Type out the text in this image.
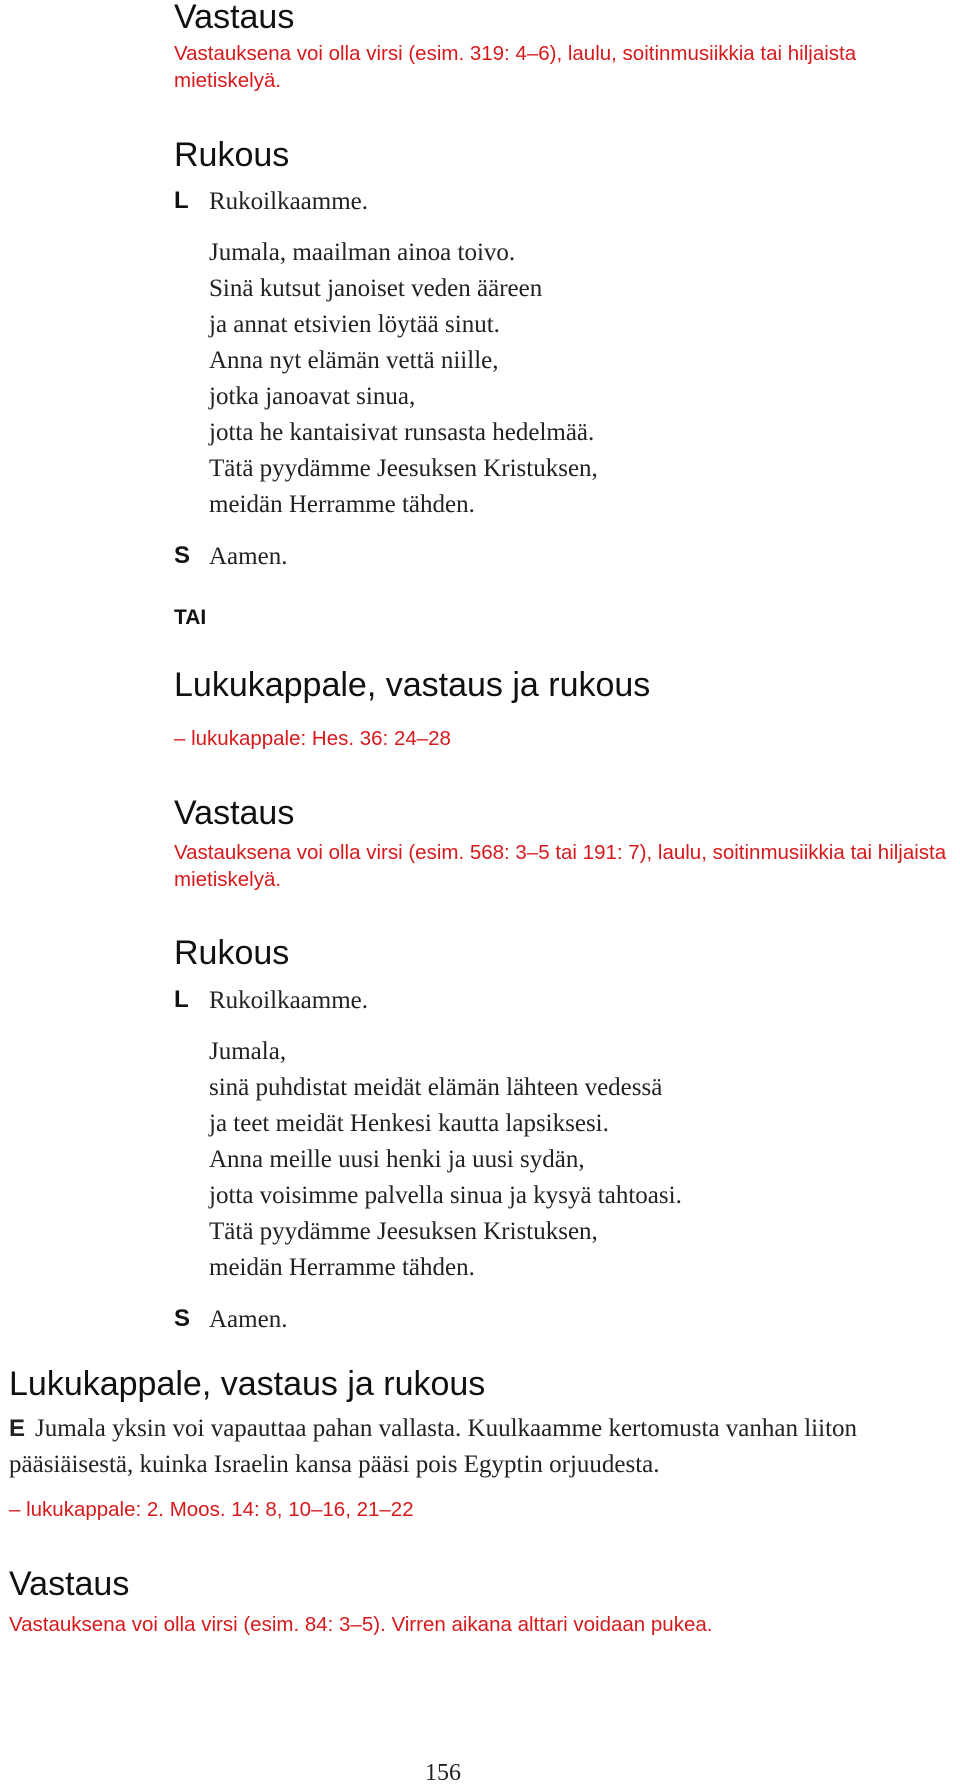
Vastaus

Vastauksena voi olla virsi (esim. 319: 4–6), laulu, soitinmusiikkia tai hiljaista mietiskelyä.

Rukous
L Rukoilkaamme.
Jumala, maailman ainoa toivo.
Sinä kutsut janoiset veden ääreen
ja annat etsivien löytää sinut.
Anna nyt elämän vettä niille,
jotka janoavat sinua,
jotta he kantaisivat runsasta hedelmää.
Tätä pyydämme Jeesuksen Kristuksen,
meidän Herramme tähden.
S Aamen.
TAI
Lukukappale, vastaus ja rukous

– lukukappale: Hes. 36: 24–28

Vastaus

Vastauksena voi olla virsi (esim. 568: 3–5 tai 191: 7), laulu, soitinmusiikkia tai hiljaista mietiskelyä.

Rukous
L Rukoilkaamme.
Jumala,
sinä puhdistat meidät elämän lähteen vedessä
ja teet meidät Henkesi kautta lapsiksesi.
Anna meille uusi henki ja uusi sydän,
jotta voisimme palvella sinua ja kysyä tahtoasi.
Tätä pyydämme Jeesuksen Kristuksen,
meidän Herramme tähden.
S Aamen.
Lukukappale, vastaus ja rukous

E Jumala yksin voi vapauttaa pahan vallasta. Kuulkaamme kertomusta vanhan liiton pääsiäisestä, kuinka Israelin kansa pääsi pois Egyptin orjuudesta.

– lukukappale: 2. Moos. 14: 8, 10–16, 21–22

Vastaus

Vastauksena voi olla virsi (esim. 84: 3–5). Virren aikana alttari voidaan pukea.

156
